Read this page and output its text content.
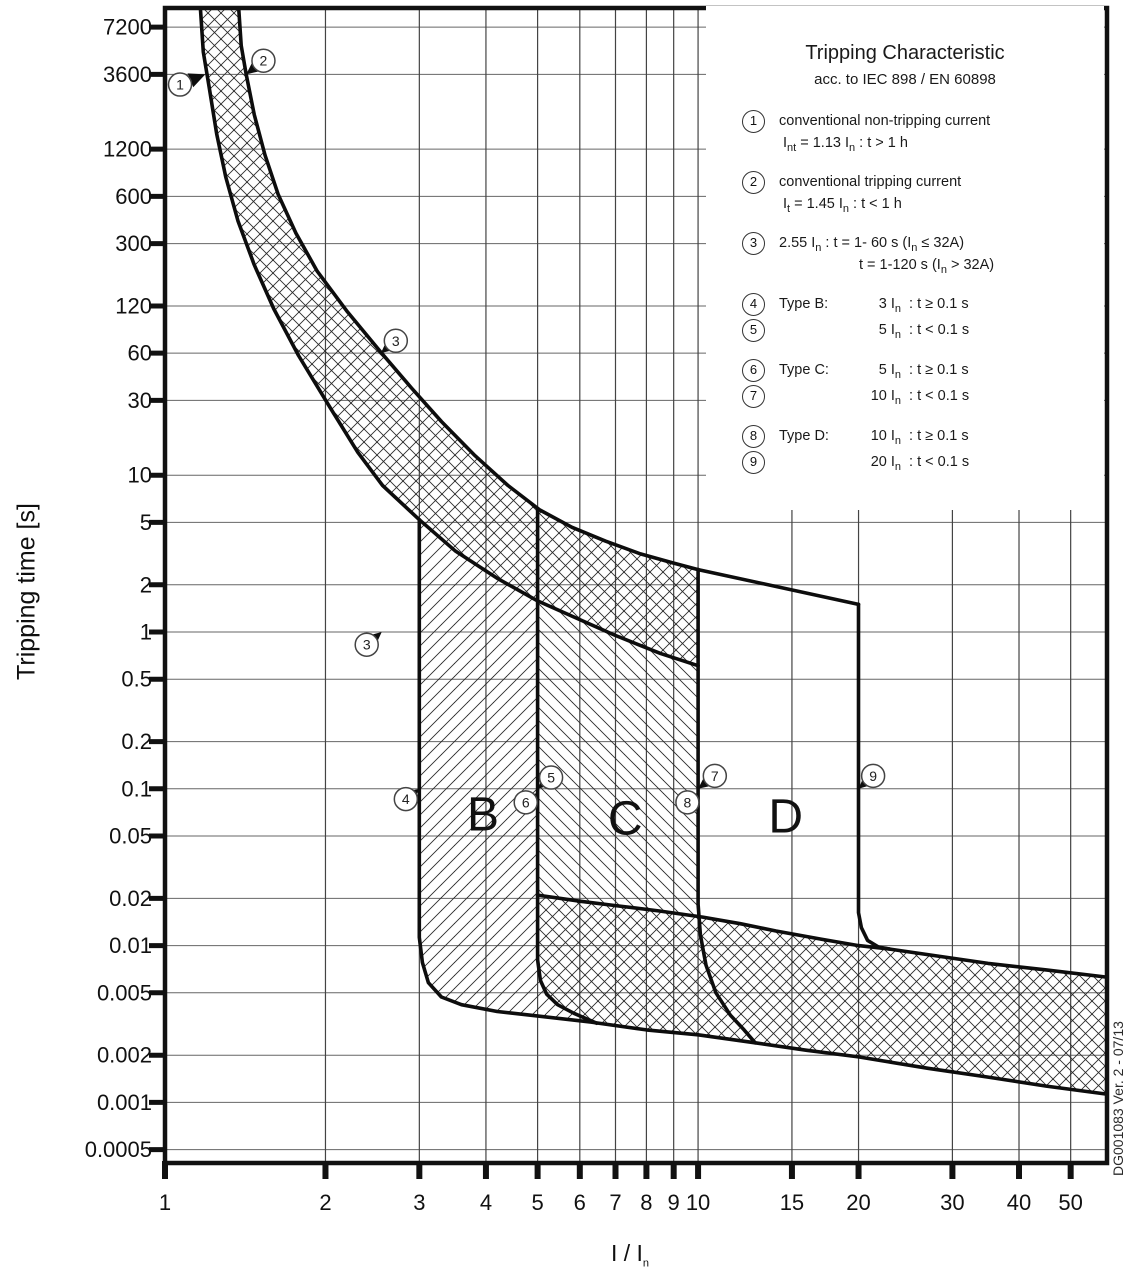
7200
3600
1200
600
300
120
60
30
10
5
2
1
0.5
0.2
0.1
0.05
0.02
0.01
0.005
0.002
0.001
0.0005
1	2	3 4 5 6 7 8 9 10	15 20	30 40 50
B C	D
1
2
3
3
4
5
6
7
8
9
Tripping time [s]
I / $I_n$
Tripping Characteristic
acc. to IEC 898 / EN 60898
1	conventional non-tripping current
$I_{nt} = 1.13$ $I_n$ : t > 1 h
2	conventional tripping current
$I_t = 1.45$ $I_n$ : t < 1 h
3	2.55 $I_n$ : t = 1- 60 s $(I_n \le 32A)$
t = 1-120 s $(I_n > 32A)$
4	Type B:	3 $I_n$ : t ≥ 0.1 s
5	5 $I_n$ : t < 0.1 s
6	Type C:	5 $I_n$ : t ≥ 0.1 s
7	10 $I_n$ : t < 0.1 s
8	Type D:	10 $I_n$ : t ≥ 0.1 s
9	20 $I_n$ : t < 0.1 s
DG001083 Ver. 2 - 07/13
